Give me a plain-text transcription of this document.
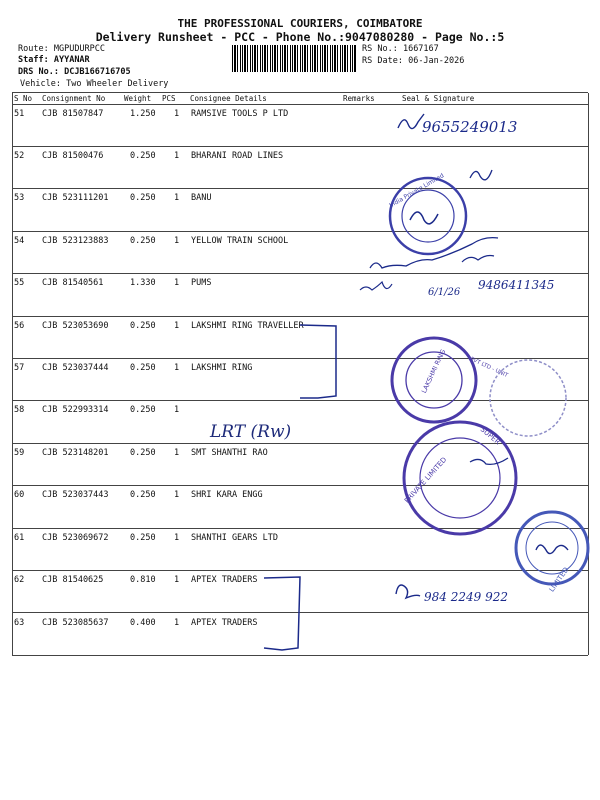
THE PROFESSIONAL COURIERS, COIMBATORE
Delivery Runsheet - PCC - Phone No.:9047080280 - Page No.:5
Route: MGPUDURPCC
Staff: AYYANAR
DRS No.: DCJB166716705
Vehicle: Two Wheeler Delivery
RS No.: 1667167
RS Date: 06-Jan-2026
S No Consignment No	Weight PCS Consignee Details	Remarks	Seal & Signature
51 CJB 81507847	1.250 1 RAMSIVE TOOLS P LTD
52 CJB 81500476	0.250 1 BHARANI ROAD LINES
53 CJB 523111201	0.250 1 BANU
54 CJB 523123883	0.250 1 YELLOW TRAIN SCHOOL
55 CJB 81540561	1.330 1 PUMS
56 CJB 523053690	0.250 1 LAKSHMI RING TRAVELLER
57 CJB 523037444	0.250 1 LAKSHMI RING
58 CJB 522993314	0.250 1
59 CJB 523148201	0.250 1 SMT SHANTHI RAO
60 CJB 523037443	0.250 1 SHRI KARA ENGG
61 CJB 523069672	0.250 1 SHANTHI GEARS LTD
62 CJB 81540625	0.810 1 APTEX TRADERS
63 CJB 523085637	0.400 1 APTEX TRADERS
9655249013
9486411345
6/1/26
LRT (Rw)
984 2249 922
India Private Limited
LAKSHMI RING	PVT LTD - UNIT
PRIVATE LIMITED
SUPER
LIMITED
